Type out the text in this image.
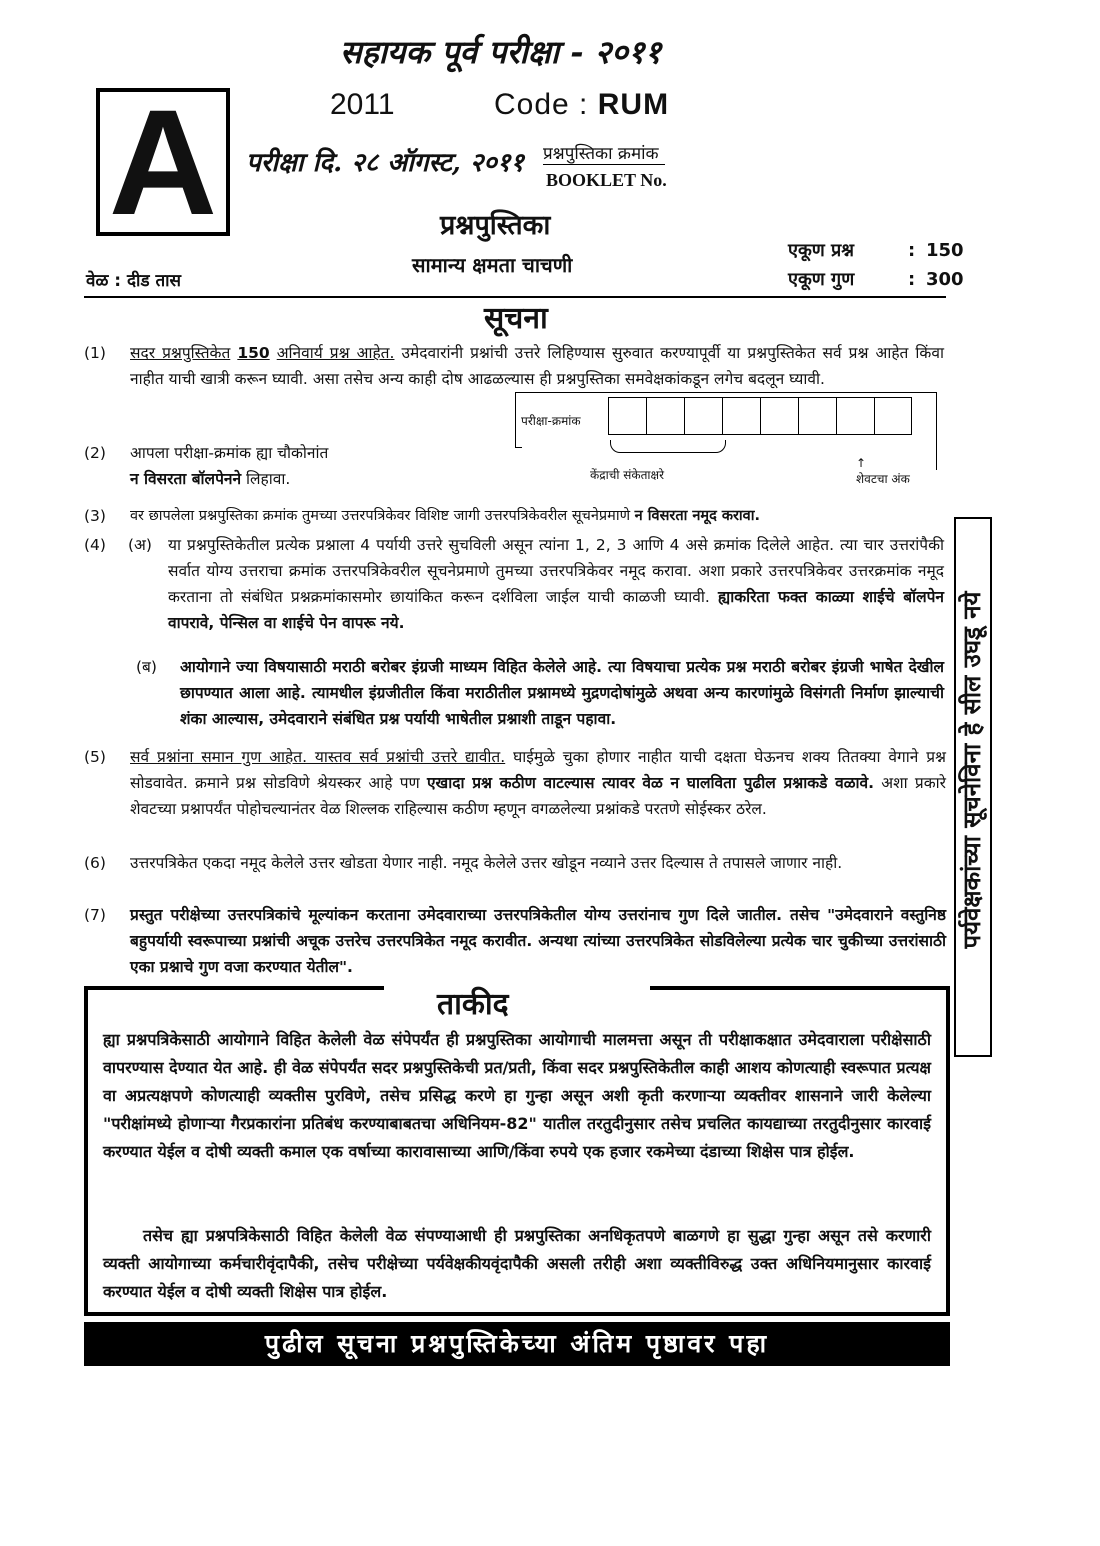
सहायक पूर्व परीक्षा - २०११
A	2011	Code : RUM
परीक्षा दि. २८ ऑगस्ट, २०११ प्रश्नपुस्तिका क्रमांक
BOOKLET No.
प्रश्नपुस्तिका
सामान्य क्षमता चाचणी
एकूण प्रश्न	: 150
एकूण गुण	: 300
वेळ : दीड तास
सूचना
(1)	सदर प्रश्नपुस्तिकेत 150 अनिवार्य प्रश्न आहेत. उमेदवारांनी प्रश्नांची उत्तरे लिहिण्यास सुरुवात करण्यापूर्वी या प्रश्नपुस्तिकेत सर्व प्रश्न आहेत किंवा नाहीत याची खात्री करून घ्यावी. असा तसेच अन्य काही दोष आढळल्यास ही प्रश्नपुस्तिका समवेक्षकांकडून लगेच बदलून घ्यावी.
परीक्षा-क्रमांक
केंद्राची संकेताक्षरे
↑
शेवटचा अंक
(2)	आपला परीक्षा-क्रमांक ह्या चौकोनांत
न विसरता बॉलपेनने लिहावा.
(3)	वर छापलेला प्रश्नपुस्तिका क्रमांक तुमच्या उत्तरपत्रिकेवर विशिष्ट जागी उत्तरपत्रिकेवरील सूचनेप्रमाणे न विसरता नमूद करावा.
(4)	(अ) या प्रश्नपुस्तिकेतील प्रत्येक प्रश्नाला 4 पर्यायी उत्तरे सुचविली असून त्यांना 1, 2, 3 आणि 4 असे क्रमांक दिलेले आहेत. त्या चार उत्तरांपैकी सर्वात योग्य उत्तराचा क्रमांक उत्तरपत्रिकेवरील सूचनेप्रमाणे तुमच्या उत्तरपत्रिकेवर नमूद करावा. अशा प्रकारे उत्तरपत्रिकेवर उत्तरक्रमांक नमूद करताना तो संबंधित प्रश्नक्रमांकासमोर छायांकित करून दर्शविला जाईल याची काळजी घ्यावी. ह्याकरिता फक्त काळ्या शाईचे बॉलपेन वापरावे, पेन्सिल वा शाईचे पेन वापरू नये.
(ब) आयोगाने ज्या विषयासाठी मराठी बरोबर इंग्रजी माध्यम विहित केलेले आहे. त्या विषयाचा प्रत्येक प्रश्न मराठी बरोबर इंग्रजी भाषेत देखील छापण्यात आला आहे. त्यामधील इंग्रजीतील किंवा मराठीतील प्रश्नामध्ये मुद्रणदोषांमुळे अथवा अन्य कारणांमुळे विसंगती निर्माण झाल्याची शंका आल्यास, उमेदवाराने संबंधित प्रश्न पर्यायी भाषेतील प्रश्नाशी ताडून पहावा.
(5)	सर्व प्रश्नांना समान गुण आहेत. यास्तव सर्व प्रश्नांची उत्तरे द्यावीत. घाईमुळे चुका होणार नाहीत याची दक्षता घेऊनच शक्य तितक्या वेगाने प्रश्न सोडवावेत. क्रमाने प्रश्न सोडविणे श्रेयस्कर आहे पण एखादा प्रश्न कठीण वाटल्यास त्यावर वेळ न घालविता पुढील प्रश्नाकडे वळावे. अशा प्रकारे शेवटच्या प्रश्नापर्यंत पोहोचल्यानंतर वेळ शिल्लक राहिल्यास कठीण म्हणून वगळलेल्या प्रश्नांकडे परतणे सोईस्कर ठरेल.
(6)	उत्तरपत्रिकेत एकदा नमूद केलेले उत्तर खोडता येणार नाही. नमूद केलेले उत्तर खोडून नव्याने उत्तर दिल्यास ते तपासले जाणार नाही.
(7)	प्रस्तुत परीक्षेच्या उत्तरपत्रिकांचे मूल्यांकन करताना उमेदवाराच्या उत्तरपत्रिकेतील योग्य उत्तरांनाच गुण दिले जातील. तसेच "उमेदवाराने वस्तुनिष्ठ बहुपर्यायी स्वरूपाच्या प्रश्नांची अचूक उत्तरेच उत्तरपत्रिकेत नमूद करावीत. अन्यथा त्यांच्या उत्तरपत्रिकेत सोडविलेल्या प्रत्येक चार चुकीच्या उत्तरांसाठी एका प्रश्नाचे गुण वजा करण्यात येतील".
पर्यवेक्षकांच्या सूचनेविना हे सील उघडू नये
ताकीद
ह्या प्रश्नपत्रिकेसाठी आयोगाने विहित केलेली वेळ संपेपर्यंत ही प्रश्नपुस्तिका आयोगाची मालमत्ता असून ती परीक्षाकक्षात उमेदवाराला परीक्षेसाठी वापरण्यास देण्यात येत आहे. ही वेळ संपेपर्यंत सदर प्रश्नपुस्तिकेची प्रत/प्रती, किंवा सदर प्रश्नपुस्तिकेतील काही आशय कोणत्याही स्वरूपात प्रत्यक्ष वा अप्रत्यक्षपणे कोणत्याही व्यक्तीस पुरविणे, तसेच प्रसिद्ध करणे हा गुन्हा असून अशी कृती करणाऱ्या व्यक्तीवर शासनाने जारी केलेल्या "परीक्षांमध्ये होणाऱ्या गैरप्रकारांना प्रतिबंध करण्याबाबतचा अधिनियम-82" यातील तरतुदीनुसार तसेच प्रचलित कायद्याच्या तरतुदीनुसार कारवाई करण्यात येईल व दोषी व्यक्ती कमाल एक वर्षाच्या कारावासाच्या आणि/किंवा रुपये एक हजार रकमेच्या दंडाच्या शिक्षेस पात्र होईल.
तसेच ह्या प्रश्नपत्रिकेसाठी विहित केलेली वेळ संपण्याआधी ही प्रश्नपुस्तिका अनधिकृतपणे बाळगणे हा सुद्धा गुन्हा असून तसे करणारी व्यक्ती आयोगाच्या कर्मचारीवृंदापैकी, तसेच परीक्षेच्या पर्यवेक्षकीयवृंदापैकी असली तरीही अशा व्यक्तीविरुद्ध उक्त अधिनियमानुसार कारवाई करण्यात येईल व दोषी व्यक्ती शिक्षेस पात्र होईल.
पुढील सूचना प्रश्नपुस्तिकेच्या अंतिम पृष्ठावर पहा
